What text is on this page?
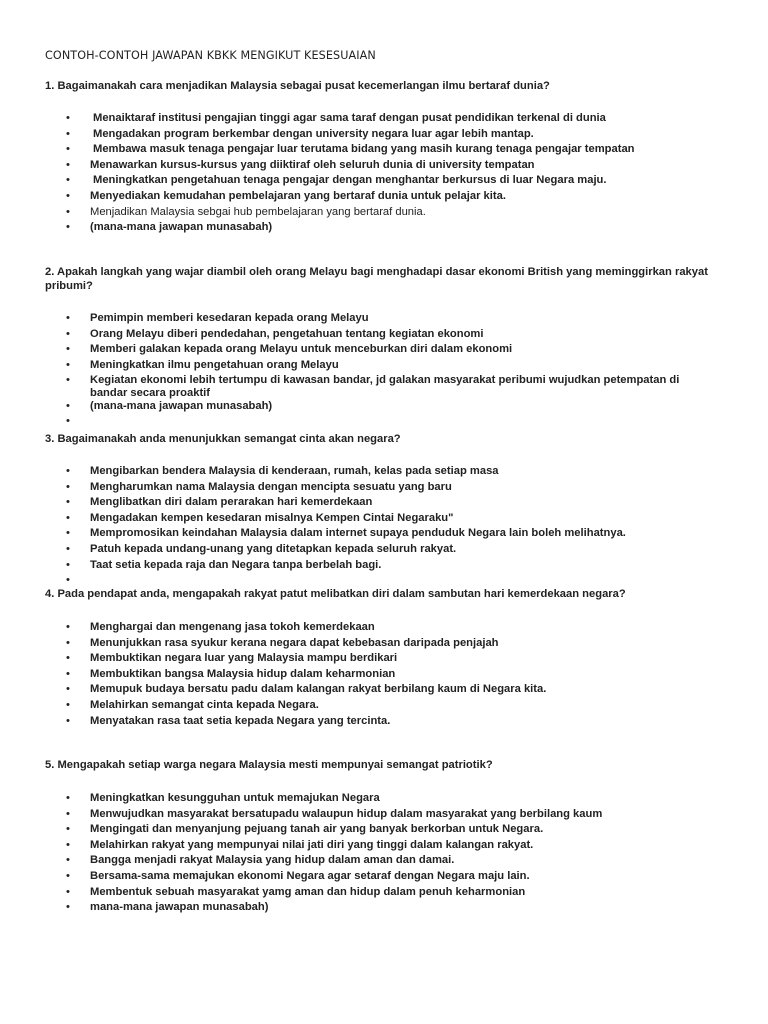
CONTOH-CONTOH JAWAPAN KBKK MENGIKUT KESESUAIAN
1. Bagaimanakah cara menjadikan Malaysia sebagai pusat kecemerlangan ilmu bertaraf dunia?
• Menaiktaraf institusi pengajian tinggi agar sama taraf dengan pusat pendidikan terkenal di dunia
• Mengadakan program berkembar dengan university negara luar agar lebih mantap.
• Membawa masuk tenaga pengajar luar terutama bidang yang masih kurang tenaga pengajar tempatan
• Menawarkan kursus-kursus yang diiktiraf oleh seluruh dunia di university tempatan
• Meningkatkan pengetahuan tenaga pengajar dengan menghantar berkursus di luar Negara maju.
• Menyediakan kemudahan pembelajaran yang bertaraf dunia untuk pelajar kita.
• Menjadikan Malaysia sebgai hub pembelajaran yang bertaraf dunia.
• (mana-mana jawapan munasabah)
2. Apakah langkah yang wajar diambil oleh orang Melayu bagi menghadapi dasar ekonomi British yang meminggirkan rakyat pribumi?
• Pemimpin memberi kesedaran kepada orang Melayu
• Orang Melayu diberi pendedahan, pengetahuan tentang kegiatan ekonomi
• Memberi galakan kepada orang Melayu untuk menceburkan diri dalam ekonomi
• Meningkatkan ilmu pengetahuan orang Melayu
• Kegiatan ekonomi lebih tertumpu di kawasan bandar, jd galakan masyarakat peribumi wujudkan petempatan di bandar secara proaktif
• (mana-mana jawapan munasabah)
•
3. Bagaimanakah anda menunjukkan semangat cinta akan negara?
• Mengibarkan bendera Malaysia di kenderaan, rumah, kelas pada setiap masa
• Mengharumkan nama Malaysia dengan mencipta sesuatu yang baru
• Menglibatkan diri dalam perarakan hari kemerdekaan
• Mengadakan kempen kesedaran misalnya Kempen Cintai Negaraku"
• Mempromosikan keindahan Malaysia dalam internet supaya penduduk Negara lain boleh melihatnya.
• Patuh kepada undang-unang yang ditetapkan kepada seluruh rakyat.
• Taat setia kepada raja dan Negara tanpa berbelah bagi.
•
4. Pada pendapat anda, mengapakah rakyat patut melibatkan diri dalam sambutan hari kemerdekaan negara?
• Menghargai dan mengenang jasa tokoh kemerdekaan
• Menunjukkan rasa syukur kerana negara dapat kebebasan daripada penjajah
• Membuktikan negara luar yang Malaysia mampu berdikari
• Membuktikan bangsa Malaysia hidup dalam keharmonian
• Memupuk budaya bersatu padu dalam kalangan rakyat berbilang kaum di Negara kita.
• Melahirkan semangat cinta kepada Negara.
• Menyatakan rasa taat setia kepada Negara yang tercinta.
5. Mengapakah setiap warga negara Malaysia mesti mempunyai semangat patriotik?
• Meningkatkan kesungguhan untuk memajukan Negara
• Menwujudkan masyarakat bersatupadu walaupun hidup dalam masyarakat yang berbilang kaum
• Mengingati dan menyanjung pejuang tanah air yang banyak berkorban untuk Negara.
• Melahirkan rakyat yang mempunyai nilai jati diri yang tinggi dalam kalangan rakyat.
• Bangga menjadi rakyat Malaysia yang hidup dalam aman dan damai.
• Bersama-sama memajukan ekonomi Negara agar setaraf dengan Negara maju lain.
• Membentuk sebuah masyarakat yamg aman dan hidup dalam penuh keharmonian
• mana-mana jawapan munasabah)
